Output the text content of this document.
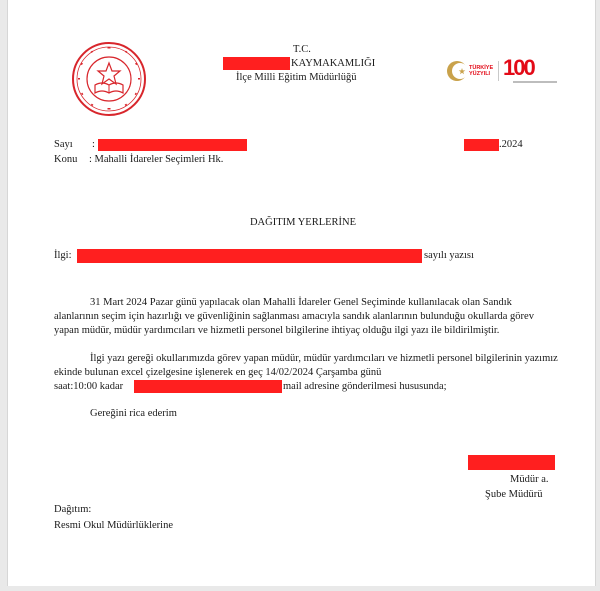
T.C.
KAYMAKAMLIĞI
İlçe Milli Eğitim Müdürlüğü
TÜRKİYE
YÜZYILI 100
Sayı :	.2024
Konu : Mahalli İdareler Seçimleri Hk.
DAĞITIM YERLERİNE
İlgi:	sayılı yazısı
31 Mart 2024 Pazar günü yapılacak olan Mahalli İdareler Genel Seçiminde kullanılacak olan Sandık alanlarının seçim için hazırlığı ve güvenliğinin sağlanması amacıyla sandık alanlarının bulunduğu okullarda görev yapan müdür, müdür yardımcıları ve hizmetli personel bilgilerine ihtiyaç olduğu ilgi yazı ile bildirilmiştir.
İlgi yazı gereği okullarımızda görev yapan müdür, müdür yardımcıları ve hizmetli personel bilgilerinin yazımız ekinde bulunan excel çizelgesine işlenerek en geç 14/02/2024 Çarşamba günü
saat:10:00 kadar	mail adresine gönderilmesi hususunda;
Gereğini rica ederim
Müdür a.
Şube Müdürü
Dağıtım:
Resmi Okul Müdürlüklerine
